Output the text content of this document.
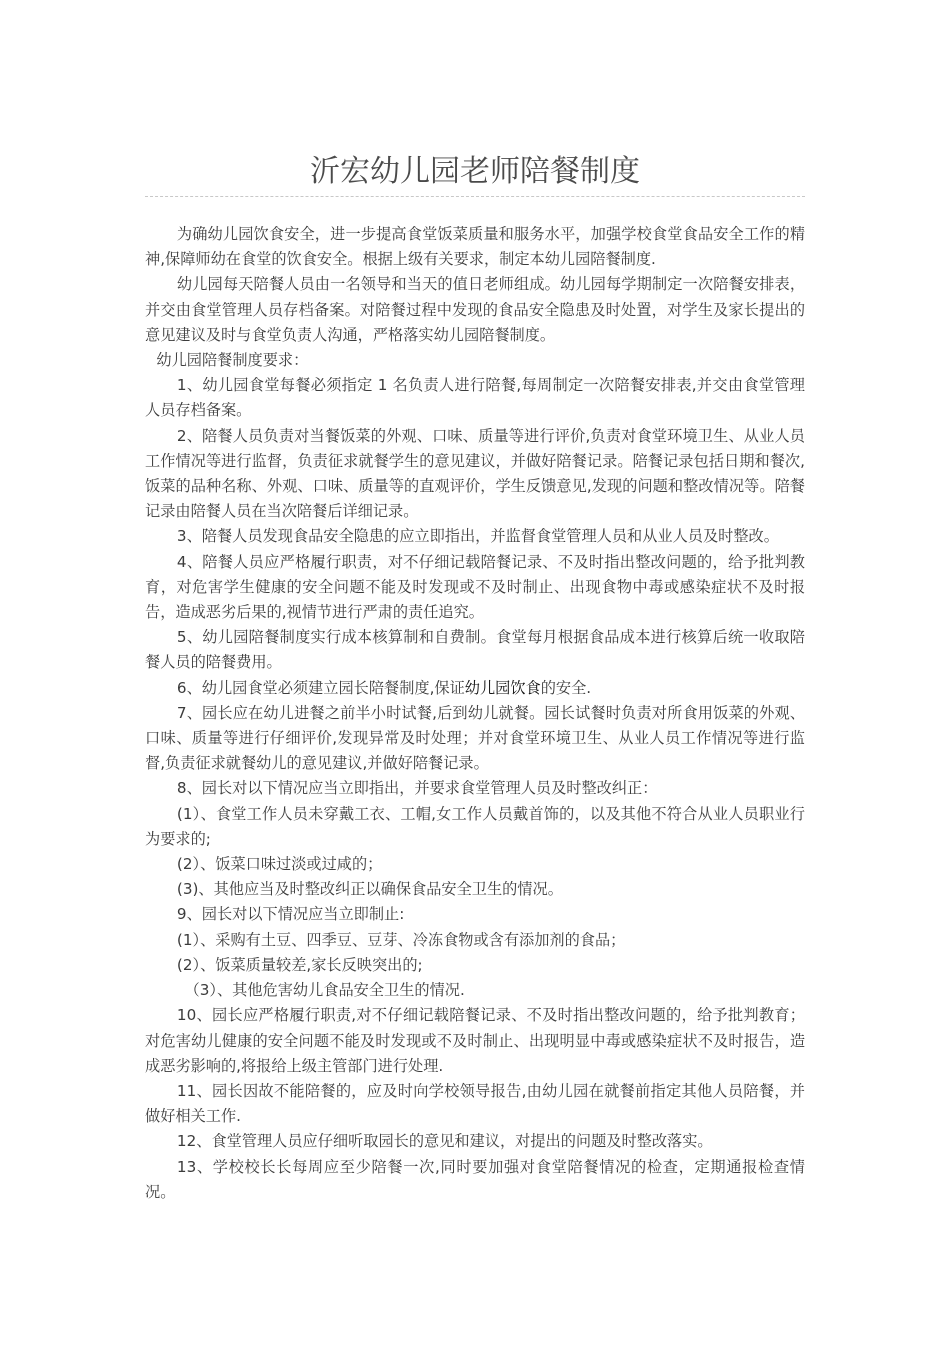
沂宏幼儿园老师陪餐制度

为确幼儿园饮食安全，进一步提高食堂饭菜质量和服务水平，加强学校食堂食品安全工作的精神,保障师幼在食堂的饮食安全。根据上级有关要求，制定本幼儿园陪餐制度.

幼儿园每天陪餐人员由一名领导和当天的值日老师组成。幼儿园每学期制定一次陪餐安排表，并交由食堂管理人员存档备案。对陪餐过程中发现的食品安全隐患及时处置，对学生及家长提出的意见建议及时与食堂负责人沟通，严格落实幼儿园陪餐制度。

幼儿园陪餐制度要求：

1、幼儿园食堂每餐必须指定 1 名负责人进行陪餐,每周制定一次陪餐安排表,并交由食堂管理人员存档备案。

2、陪餐人员负责对当餐饭菜的外观、口味、质量等进行评价,负责对食堂环境卫生、从业人员工作情况等进行监督，负责征求就餐学生的意见建议，并做好陪餐记录。陪餐记录包括日期和餐次,饭菜的品种名称、外观、口味、质量等的直观评价，学生反馈意见,发现的问题和整改情况等。陪餐记录由陪餐人员在当次陪餐后详细记录。

3、陪餐人员发现食品安全隐患的应立即指出，并监督食堂管理人员和从业人员及时整改。

4、陪餐人员应严格履行职责，对不仔细记载陪餐记录、不及时指出整改问题的，给予批判教育，对危害学生健康的安全问题不能及时发现或不及时制止、出现食物中毒或感染症状不及时报告，造成恶劣后果的,视情节进行严肃的责任追究。

5、幼儿园陪餐制度实行成本核算制和自费制。食堂每月根据食品成本进行核算后统一收取陪餐人员的陪餐费用。

6、幼儿园食堂必须建立园长陪餐制度,保证幼儿园饮食的安全.

7、园长应在幼儿进餐之前半小时试餐,后到幼儿就餐。园长试餐时负责对所食用饭菜的外观、口味、质量等进行仔细评价,发现异常及时处理；并对食堂环境卫生、从业人员工作情况等进行监督,负责征求就餐幼儿的意见建议,并做好陪餐记录。

8、园长对以下情况应当立即指出，并要求食堂管理人员及时整改纠正：

(1）、食堂工作人员未穿戴工衣、工帽,女工作人员戴首饰的，以及其他不符合从业人员职业行为要求的;

(2）、饭菜口味过淡或过咸的；

(3)、其他应当及时整改纠正以确保食品安全卫生的情况。

9、园长对以下情况应当立即制止:

(1）、采购有土豆、四季豆、豆芽、冷冻食物或含有添加剂的食品；

(2）、饭菜质量较差,家长反映突出的;

（3）、其他危害幼儿食品安全卫生的情况.

10、园长应严格履行职责,对不仔细记载陪餐记录、不及时指出整改问题的，给予批判教育；对危害幼儿健康的安全问题不能及时发现或不及时制止、出现明显中毒或感染症状不及时报告，造成恶劣影响的,将报给上级主管部门进行处理.

11、园长因故不能陪餐的，应及时向学校领导报告,由幼儿园在就餐前指定其他人员陪餐，并做好相关工作.

12、食堂管理人员应仔细听取园长的意见和建议，对提出的问题及时整改落实。

13、学校校长长每周应至少陪餐一次,同时要加强对食堂陪餐情况的检查，定期通报检查情况。
